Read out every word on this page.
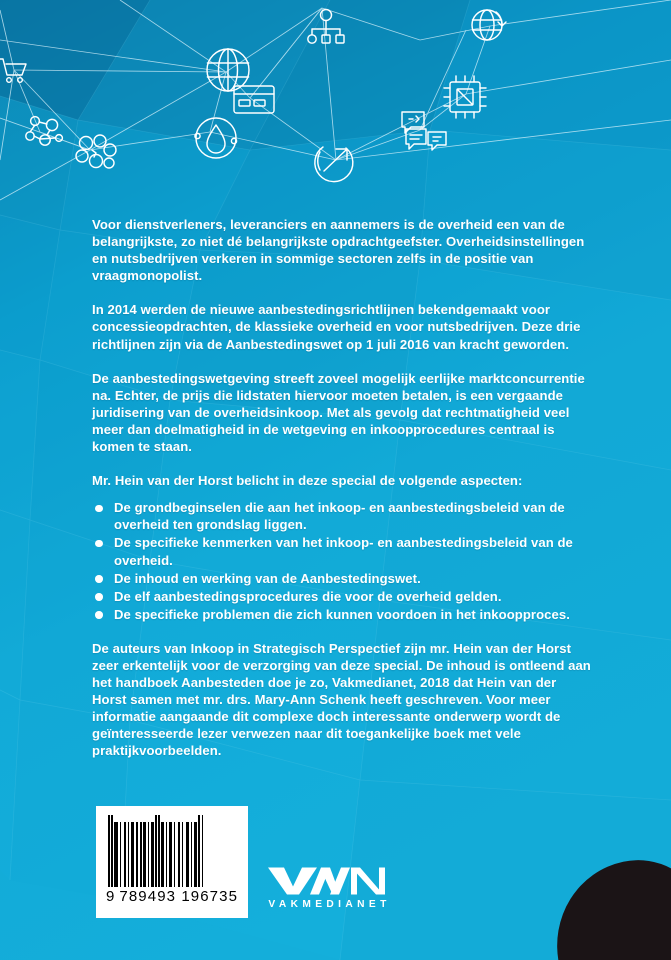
Voor dienstverleners, leveranciers en aannemers is de overheid een van de belangrijkste, zo niet dé belangrijkste opdrachtgeefster. Overheidsinstellingen en nutsbedrijven verkeren in sommige sectoren zelfs in de positie van vraagmonopolist.

In 2014 werden de nieuwe aanbestedingsrichtlijnen bekendgemaakt voor concessieopdrachten, de klassieke overheid en voor nutsbedrijven. Deze drie richtlijnen zijn via de Aanbestedingswet op 1 juli 2016 van kracht geworden.

De aanbestedingswetgeving streeft zoveel mogelijk eerlijke marktconcurrentie na. Echter, de prijs die lidstaten hiervoor moeten betalen, is een vergaande juridisering van de overheidsinkoop. Met als gevolg dat rechtmatigheid veel meer dan doelmatigheid in de wetgeving en inkoopprocedures centraal is komen te staan.

Mr. Hein van der Horst belicht in deze special de volgende aspecten:

De grondbeginselen die aan het inkoop- en aanbestedingsbeleid van de overheid ten grondslag liggen.
De specifieke kenmerken van het inkoop- en aanbestedingsbeleid van de overheid.
De inhoud en werking van de Aanbestedingswet.
De elf aanbestedingsprocedures die voor de overheid gelden.
De specifieke problemen die zich kunnen voordoen in het inkoopproces.

De auteurs van Inkoop in Strategisch Perspectief zijn mr. Hein van der Horst zeer erkentelijk voor de verzorging van deze special. De inhoud is ontleend aan het handboek Aanbesteden doe je zo, Vakmedianet, 2018 dat Hein van der Horst samen met mr. drs. Mary-Ann Schenk heeft geschreven. Voor meer informatie aangaande dit complexe doch interessante onderwerp wordt de geïnteresseerde lezer verwezen naar dit toegankelijke boek met vele praktijkvoorbeelden.

9 789493 196735	VAKMEDIANET
